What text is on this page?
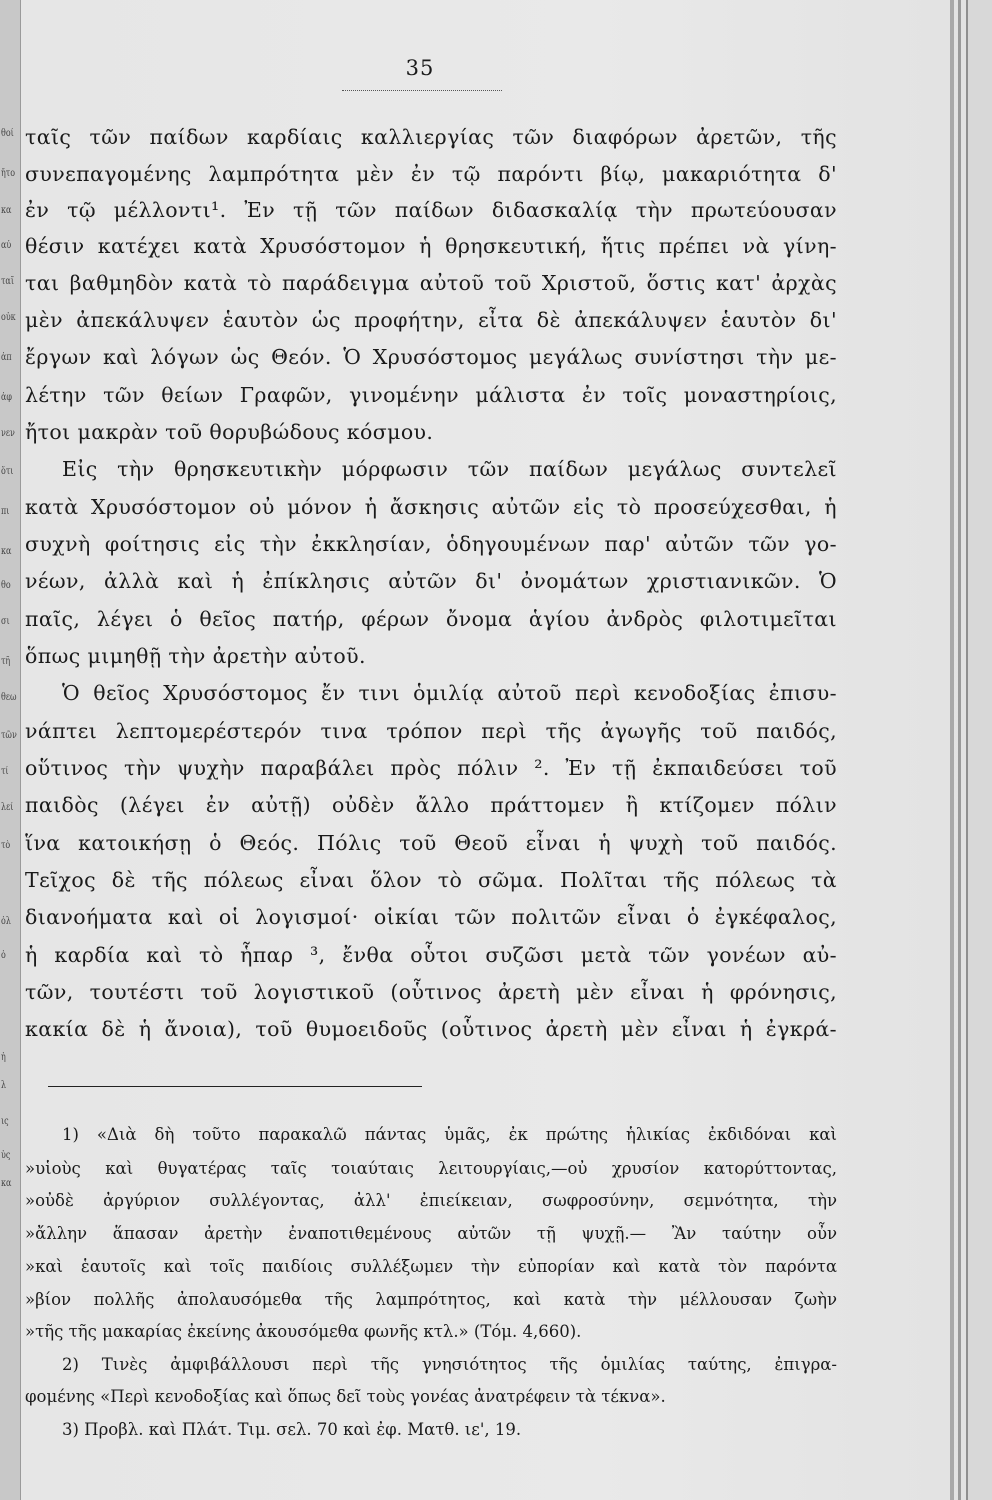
θοί
ἤτο
κα
αὐ
ταῖ
οὐκ
ἀπ
ἀφ
νεν
ὅτι
πι
κα
θο
σι
τῆ
θεω
τῶν
τί
λεί
τὸ
ὀλ
ὁ
ἡ
λ
ις
ὑς
κα
35
ταῖς τῶν παίδων καρδίαις καλλιεργίας τῶν διαφόρων ἀρετῶν, τῆς
συνεπαγομένης λαμπρότητα μὲν ἐν τῷ παρόντι βίῳ, μακαριότητα δ'
ἐν τῷ μέλλοντι¹. Ἐν τῇ τῶν παίδων διδασκαλίᾳ τὴν πρωτεύουσαν
θέσιν κατέχει κατὰ Χρυσόστομον ἡ θρησκευτική, ἥτις πρέπει νὰ γίνη-
ται βαθμηδὸν κατὰ τὸ παράδειγμα αὐτοῦ τοῦ Χριστοῦ, ὅστις κατ' ἀρχὰς
μὲν ἀπεκάλυψεν ἑαυτὸν ὡς προφήτην, εἶτα δὲ ἀπεκάλυψεν ἑαυτὸν δι'
ἔργων καὶ λόγων ὡς Θεόν. Ὁ Χρυσόστομος μεγάλως συνίστησι τὴν με-
λέτην τῶν θείων Γραφῶν, γινομένην μάλιστα ἐν τοῖς μοναστηρίοις,
ἤτοι μακρὰν τοῦ θορυβώδους κόσμου.
Εἰς τὴν θρησκευτικὴν μόρφωσιν τῶν παίδων μεγάλως συντελεῖ
κατὰ Χρυσόστομον οὐ μόνον ἡ ἄσκησις αὐτῶν εἰς τὸ προσεύχεσθαι, ἡ
συχνὴ φοίτησις εἰς τὴν ἐκκλησίαν, ὁδηγουμένων παρ' αὐτῶν τῶν γο-
νέων, ἀλλὰ καὶ ἡ ἐπίκλησις αὐτῶν δι' ὀνομάτων χριστιανικῶν. Ὁ
παῖς, λέγει ὁ θεῖος πατήρ, φέρων ὄνομα ἁγίου ἀνδρὸς φιλοτιμεῖται
ὅπως μιμηθῇ τὴν ἀρετὴν αὐτοῦ.
Ὁ θεῖος Χρυσόστομος ἔν τινι ὁμιλίᾳ αὐτοῦ περὶ κενοδοξίας ἐπισυ-
νάπτει λεπτομερέστερόν τινα τρόπον περὶ τῆς ἀγωγῆς τοῦ παιδός,
οὕτινος τὴν ψυχὴν παραβάλει πρὸς πόλιν ². Ἐν τῇ ἐκπαιδεύσει τοῦ
παιδὸς (λέγει ἐν αὐτῇ) οὐδὲν ἄλλο πράττομεν ἢ κτίζομεν πόλιν
ἵνα κατοικήσῃ ὁ Θεός. Πόλις τοῦ Θεοῦ εἶναι ἡ ψυχὴ τοῦ παιδός.
Τεῖχος δὲ τῆς πόλεως εἶναι ὅλον τὸ σῶμα. Πολῖται τῆς πόλεως τὰ
διανοήματα καὶ οἱ λογισμοί· οἰκίαι τῶν πολιτῶν εἶναι ὁ ἐγκέφαλος,
ἡ καρδία καὶ τὸ ἧπαρ ³, ἔνθα οὗτοι συζῶσι μετὰ τῶν γονέων αὐ-
τῶν, τουτέστι τοῦ λογιστικοῦ (οὗτινος ἀρετὴ μὲν εἶναι ἡ φρόνησις,
κακία δὲ ἡ ἄνοια), τοῦ θυμοειδοῦς (οὗτινος ἀρετὴ μὲν εἶναι ἡ ἐγκρά-
1) «Διὰ δὴ τοῦτο παρακαλῶ πάντας ὑμᾶς, ἐκ πρώτης ἡλικίας ἐκδιδόναι καὶ
»υἱοὺς καὶ θυγατέρας ταῖς τοιαύταις λειτουργίαις,—οὐ χρυσίον κατορύττοντας,
»οὐδὲ ἀργύριον συλλέγοντας, ἀλλ' ἐπιείκειαν, σωφροσύνην, σεμνότητα, τὴν
»ἄλλην ἅπασαν ἀρετὴν ἐναποτιθεμένους αὐτῶν τῇ ψυχῇ.— Ἂν ταύτην οὖν
»καὶ ἑαυτοῖς καὶ τοῖς παιδίοις συλλέξωμεν τὴν εὐπορίαν καὶ κατὰ τὸν παρόντα
»βίον πολλῆς ἀπολαυσόμεθα τῆς λαμπρότητος, καὶ κατὰ τὴν μέλλουσαν ζωὴν
»τῆς τῆς μακαρίας ἐκείνης ἀκουσόμεθα φωνῆς κτλ.» (Τόμ. 4,660).
2) Τινὲς ἀμφιβάλλουσι περὶ τῆς γνησιότητος τῆς ὁμιλίας ταύτης, ἐπιγρα-
φομένης «Περὶ κενοδοξίας καὶ ὅπως δεῖ τοὺς γονέας ἀνατρέφειν τὰ τέκνα».
3) Προβλ. καὶ Πλάτ. Τιμ. σελ. 70 καὶ ἐφ. Ματθ. ιε', 19.
